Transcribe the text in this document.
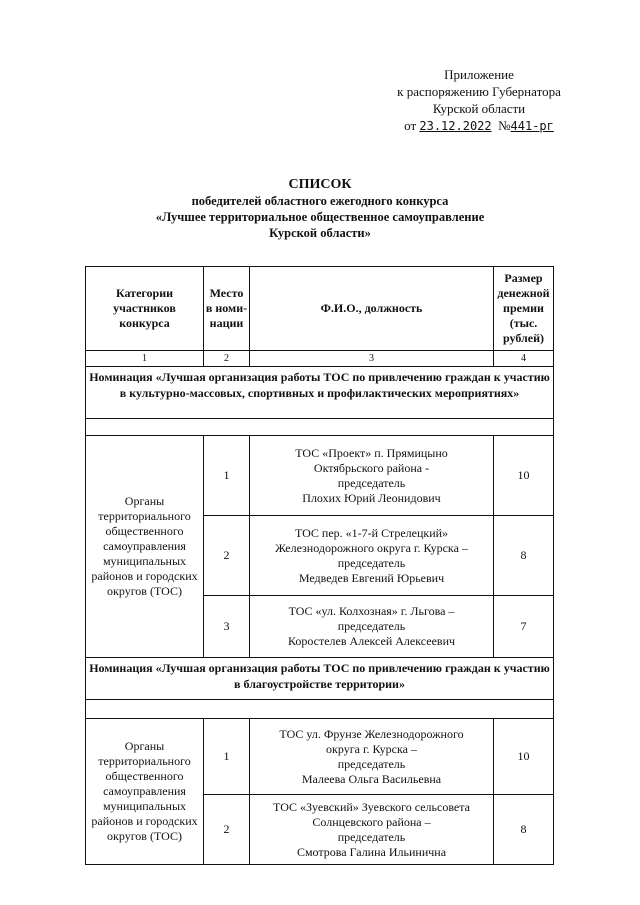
Приложение
к распоряжению Губернатора
Курской области
от 23.12.2022 №441-рг
СПИСОК
победителей областного ежегодного конкурса
«Лучшее территориальное общественное самоуправление
Курской области»
Категории участников конкурса	Место в номи-нации	Ф.И.О., должность	Размер денежной премии (тыс. рублей)
1	2	3	4
Номинация «Лучшая организация работы ТОС по привлечению граждан к участию в культурно-массовых, спортивных и профилактических мероприятиях»			

Органы территориального общественного самоуправления муниципальных районов и городских округов (ТОС)	1	ТОС «Проект» п. Прямицыно
Октябрьского района -
председатель
Плохих Юрий Леонидович	10
	2	ТОС пер. «1-7-й Стрелецкий»
Железнодорожного округа г. Курска –
председатель
Медведев Евгений Юрьевич	8
	3	ТОС «ул. Колхозная» г. Льгова –
председатель
Коростелев Алексей Алексеевич	7
Номинация «Лучшая организация работы ТОС по привлечению граждан к участию в благоустройстве территории»			

Органы территориального общественного самоуправления муниципальных районов и городских округов (ТОС)	1	ТОС ул. Фрунзе Железнодорожного
округа г. Курска –
председатель
Малеева Ольга Васильевна	10
	2	ТОС «Зуевский» Зуевского сельсовета
Солнцевского района –
председатель
Смотрова Галина Ильинична	8
